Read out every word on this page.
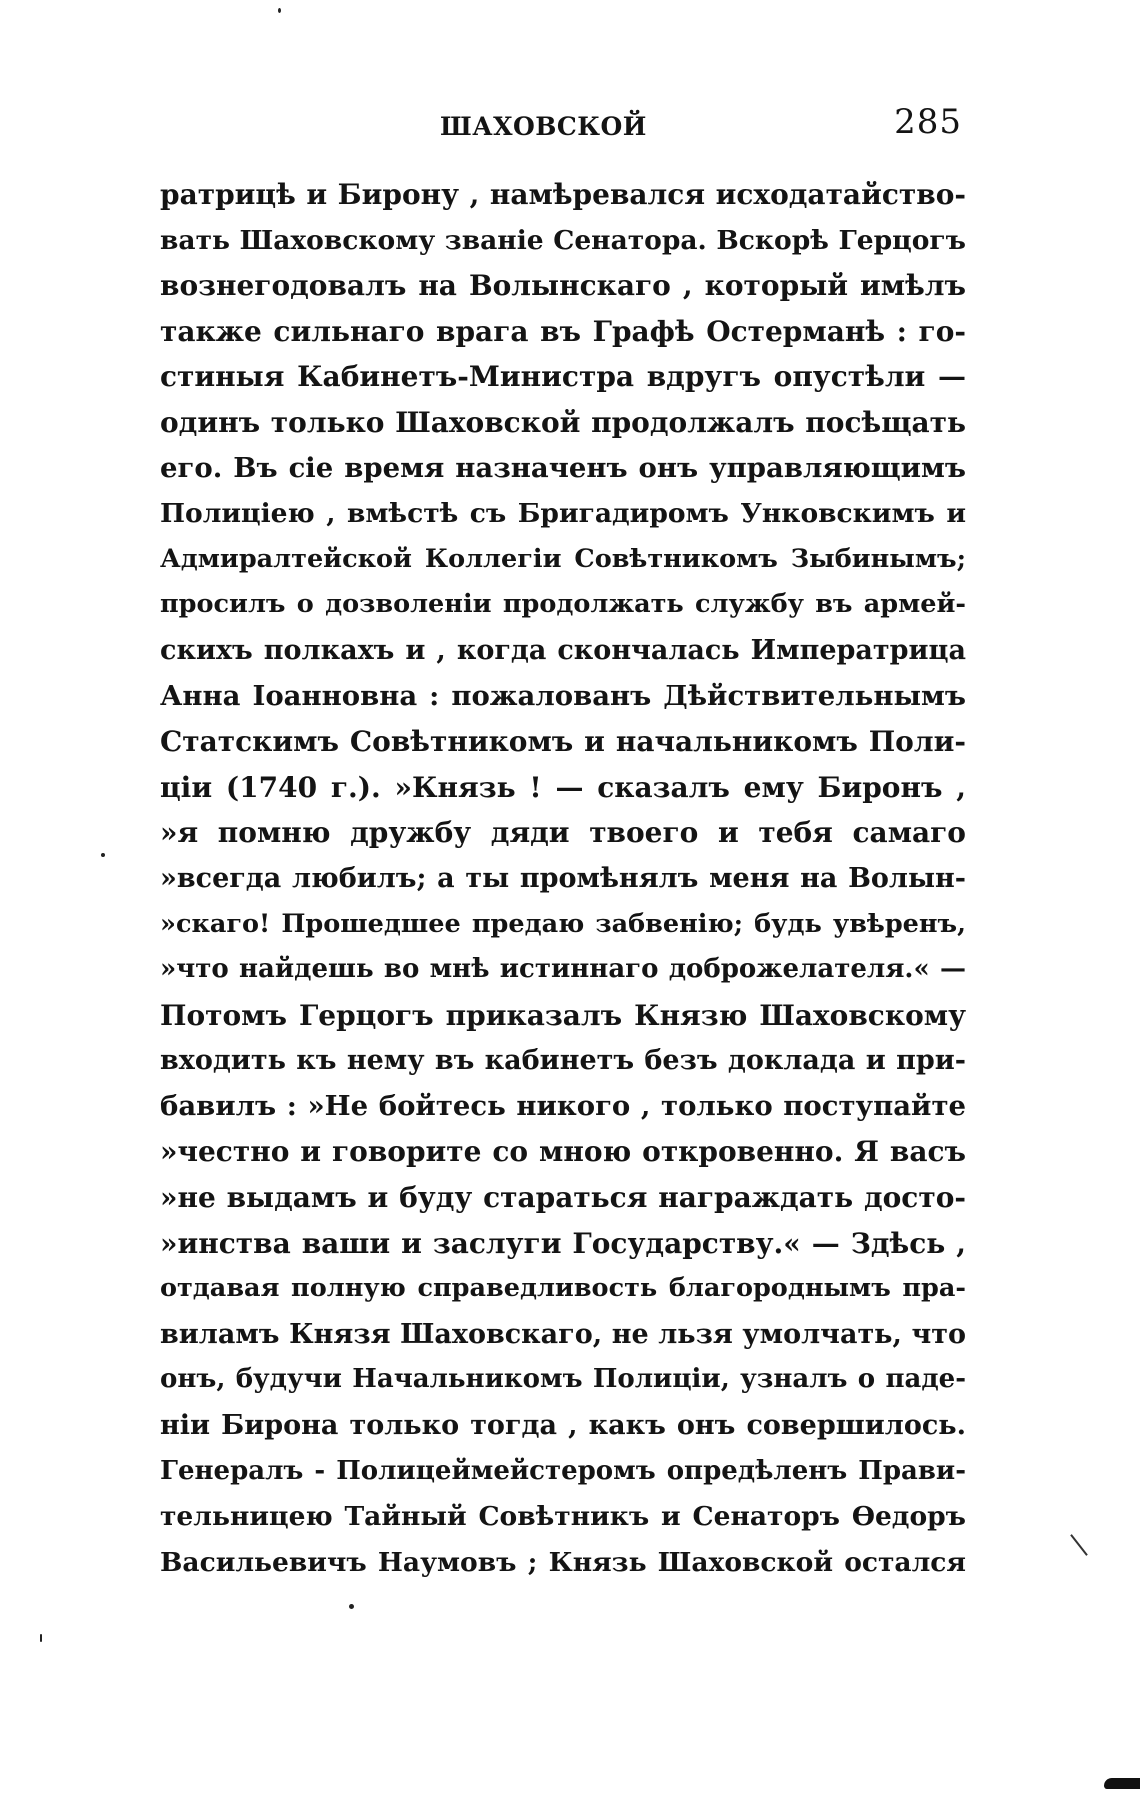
ШАХОВСКОЙ	285
ратрицѣ и Бирону , намѣревался исходатайство-
вать Шаховскому званіе Сенатора. Вскорѣ Герцогъ
вознегодовалъ на Волынскаго , который имѣлъ
также сильнаго врага въ Графѣ Остерманѣ : го-
стиныя Кабинетъ-Министра вдругъ опустѣли —
одинъ только Шаховской продолжалъ посѣщать
его. Въ сіе время назначенъ онъ управляющимъ
Полиціею , вмѣстѣ съ Бригадиромъ Унковскимъ и
Адмиралтейской Коллегіи Совѣтникомъ Зыбинымъ;
просилъ о дозволеніи продолжать службу въ армей-
скихъ полкахъ и , когда скончалась Императрица
Анна Іоанновна : пожалованъ Дѣйствительнымъ
Статскимъ Совѣтникомъ и начальникомъ Поли-
ціи (1740 г.). »Князь ! — сказалъ ему Биронъ ,
»я помню дружбу дяди твоего и тебя самаго
»всегда любилъ; а ты промѣнялъ меня на Волын-
»скаго! Прошедшее предаю забвенію; будь увѣренъ,
»что найдешь во мнѣ истиннаго доброжелателя.« —
Потомъ Герцогъ приказалъ Князю Шаховскому
входить къ нему въ кабинетъ безъ доклада и при-
бавилъ : »Не бойтесь никого , только поступайте
»честно и говорите со мною откровенно. Я васъ
»не выдамъ и буду стараться награждать досто-
»инства ваши и заслуги Государству.« — Здѣсь ,
отдавая полную справедливость благороднымъ пра-
виламъ Князя Шаховскаго, не льзя умолчать, что
онъ, будучи Начальникомъ Полиціи, узналъ о паде-
ніи Бирона только тогда , какъ онъ совершилось.
Генералъ - Полицеймейстеромъ опредѣленъ Прави-
тельницею Тайный Совѣтникъ и Сенаторъ Ѳедоръ
Васильевичъ Наумовъ ; Князь Шаховской остался
